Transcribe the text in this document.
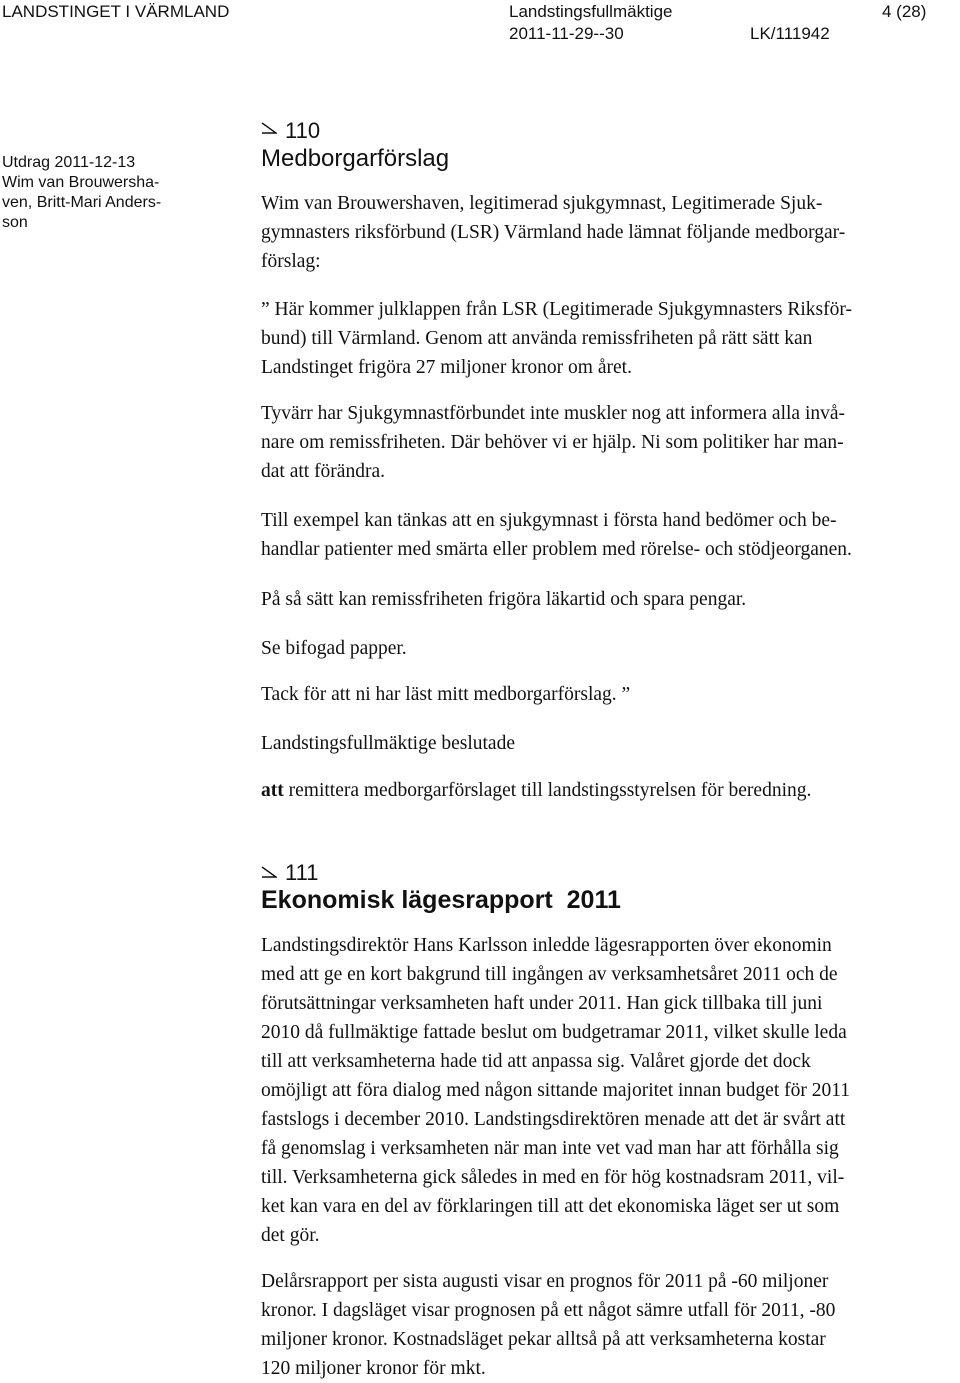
LANDSTINGET I VÄRMLAND	Landstingsfullmäktige	4 (28)
2011-11-29--30	LK/111942
Utdrag 2011-12-13
Wim van Brouwersha-
ven, Britt-Mari Anders-
son
110
Medborgarförslag
Wim van Brouwershaven, legitimerad sjukgymnast, Legitimerade Sjuk-
gymnasters riksförbund (LSR) Värmland hade lämnat följande medborgar-
förslag:
” Här kommer julklappen från LSR (Legitimerade Sjukgymnasters Riksför-
bund) till Värmland. Genom att använda remissfriheten på rätt sätt kan
Landstinget frigöra 27 miljoner kronor om året.
Tyvärr har Sjukgymnastförbundet inte muskler nog att informera alla invå-
nare om remissfriheten. Där behöver vi er hjälp. Ni som politiker har man-
dat att förändra.
Till exempel kan tänkas att en sjukgymnast i första hand bedömer och be-
handlar patienter med smärta eller problem med rörelse- och stödjeorganen.
På så sätt kan remissfriheten frigöra läkartid och spara pengar.
Se bifogad papper.
Tack för att ni har läst mitt medborgarförslag. ”
Landstingsfullmäktige beslutade
att remittera medborgarförslaget till landstingsstyrelsen för beredning.
111
Ekonomisk lägesrapport  2011
Landstingsdirektör Hans Karlsson inledde lägesrapporten över ekonomin
med att ge en kort bakgrund till ingången av verksamhetsåret 2011 och de
förutsättningar verksamheten haft under 2011. Han gick tillbaka till juni
2010 då fullmäktige fattade beslut om budgetramar 2011, vilket skulle leda
till att verksamheterna hade tid att anpassa sig. Valåret gjorde det dock
omöjligt att föra dialog med någon sittande majoritet innan budget för 2011
fastslogs i december 2010. Landstingsdirektören menade att det är svårt att
få genomslag i verksamheten när man inte vet vad man har att förhålla sig
till. Verksamheterna gick således in med en för hög kostnadsram 2011, vil-
ket kan vara en del av förklaringen till att det ekonomiska läget ser ut som
det gör.
Delårsrapport per sista augusti visar en prognos för 2011 på -60 miljoner
kronor. I dagsläget visar prognosen på ett något sämre utfall för 2011, -80
miljoner kronor. Kostnadsläget pekar alltså på att verksamheterna kostar
120 miljoner kronor för mkt.
